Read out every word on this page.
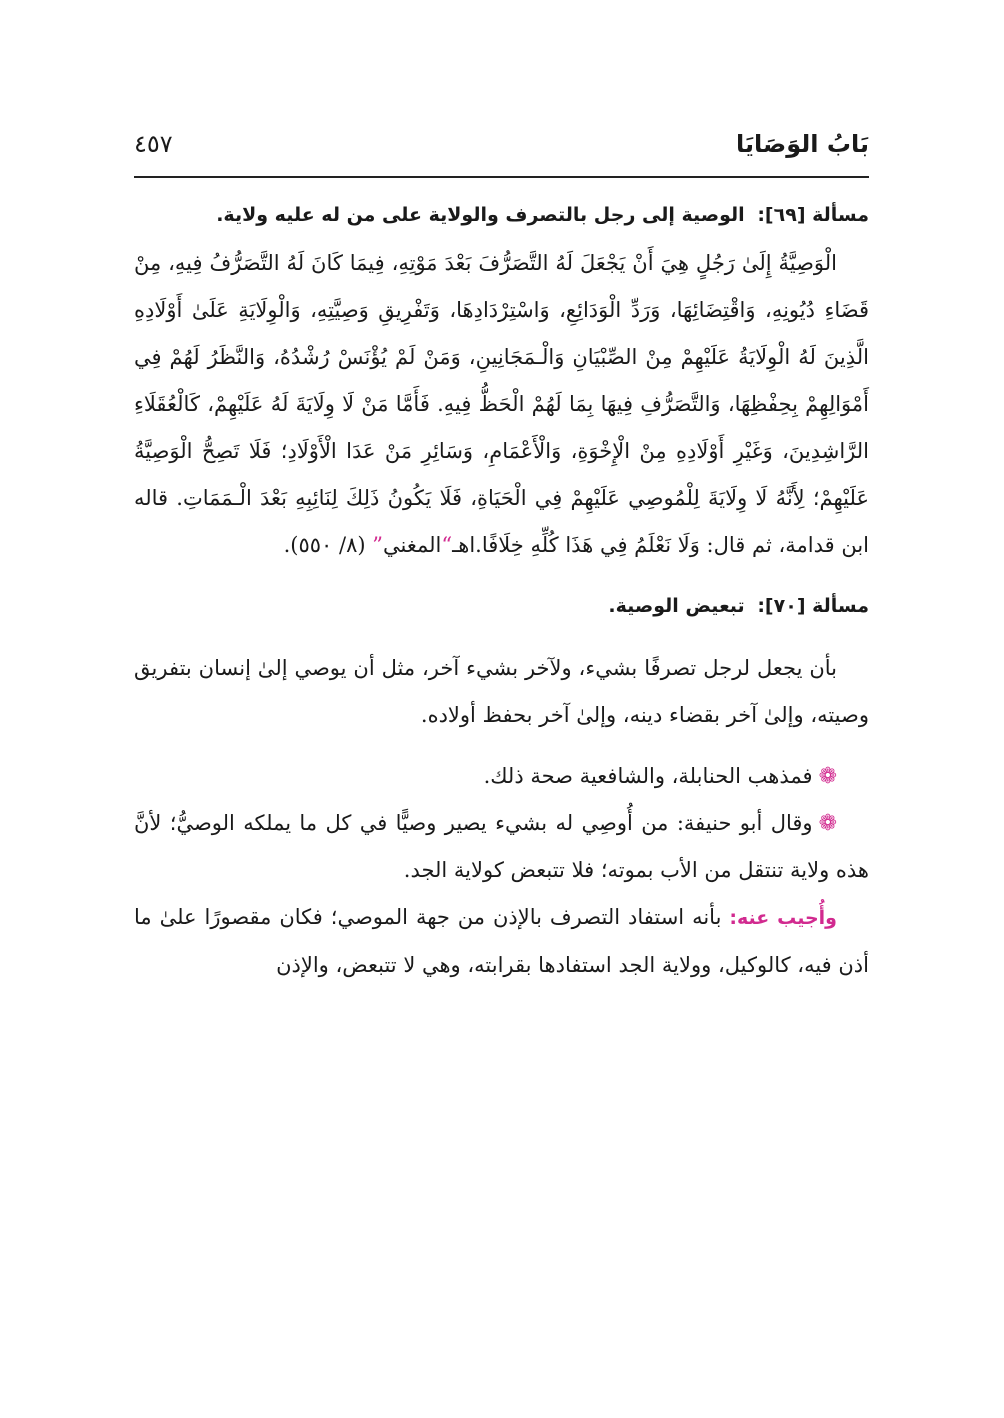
بَابُ الوَصَايَا
٤٥٧
مسألة [٦٩]: الوصية إلى رجل بالتصرف والولاية على من له عليه ولاية.

الْوَصِيَّةُ إِلَىٰ رَجُلٍ هِيَ أَنْ يَجْعَلَ لَهُ التَّصَرُّفَ بَعْدَ مَوْتِهِ، فِيمَا كَانَ لَهُ التَّصَرُّفُ فِيهِ، مِنْ قَضَاءِ دُيُونِهِ، وَاقْتِضَائِهَا، وَرَدِّ الْوَدَائِعِ، وَاسْتِرْدَادِهَا، وَتَفْرِيقِ وَصِيَّتِهِ، وَالْوِلَايَةِ عَلَىٰ أَوْلَادِهِ الَّذِينَ لَهُ الْوِلَايَةُ عَلَيْهِمْ مِنْ الصِّبْيَانِ وَالْـمَجَانِينِ، وَمَنْ لَمْ يُؤْنَسْ رُشْدُهُ، وَالنَّظَرُ لَهُمْ فِي أَمْوَالِهِمْ بِحِفْظِهَا، وَالتَّصَرُّفِ فِيهَا بِمَا لَهُمْ الْحَظُّ فِيهِ. فَأَمَّا مَنْ لَا وِلَايَةَ لَهُ عَلَيْهِمْ، كَالْعُقَلَاءِ الرَّاشِدِينَ، وَغَيْرِ أَوْلَادِهِ مِنْ الْإِخْوَةِ، وَالْأَعْمَامِ، وَسَائِرِ مَنْ عَدَا الْأَوْلَادِ؛ فَلَا تَصِحُّ الْوَصِيَّةُ عَلَيْهِمْ؛ لِأَنَّهُ لَا وِلَايَةَ لِلْمُوصِي عَلَيْهِمْ فِي الْحَيَاةِ، فَلَا يَكُونُ ذَلِكَ لِنَائِبِهِ بَعْدَ الْـمَمَاتِ. قاله ابن قدامة، ثم قال: وَلَا نَعْلَمُ فِي هَذَا كُلِّهِ خِلَافًا.اهـ“المغني” (٨/ ٥٥٠).

مسألة [٧٠]: تبعيض الوصية.

بأن يجعل لرجل تصرفًا بشيء، ولآخر بشيء آخر، مثل أن يوصي إلىٰ إنسان بتفريق وصيته، وإلىٰ آخر بقضاء دينه، وإلىٰ آخر بحفظ أولاده.

❁فمذهب الحنابلة، والشافعية صحة ذلك.

❁وقال أبو حنيفة: من أُوصِي له بشيء يصير وصيًّا في كل ما يملكه الوصيُّ؛ لأنَّ هذه ولاية تنتقل من الأب بموته؛ فلا تتبعض كولاية الجد.

وأُجيب عنه: بأنه استفاد التصرف بالإذن من جهة الموصي؛ فكان مقصورًا علىٰ ما أذن فيه، كالوكيل، وولاية الجد استفادها بقرابته، وهي لا تتبعض، والإذن
